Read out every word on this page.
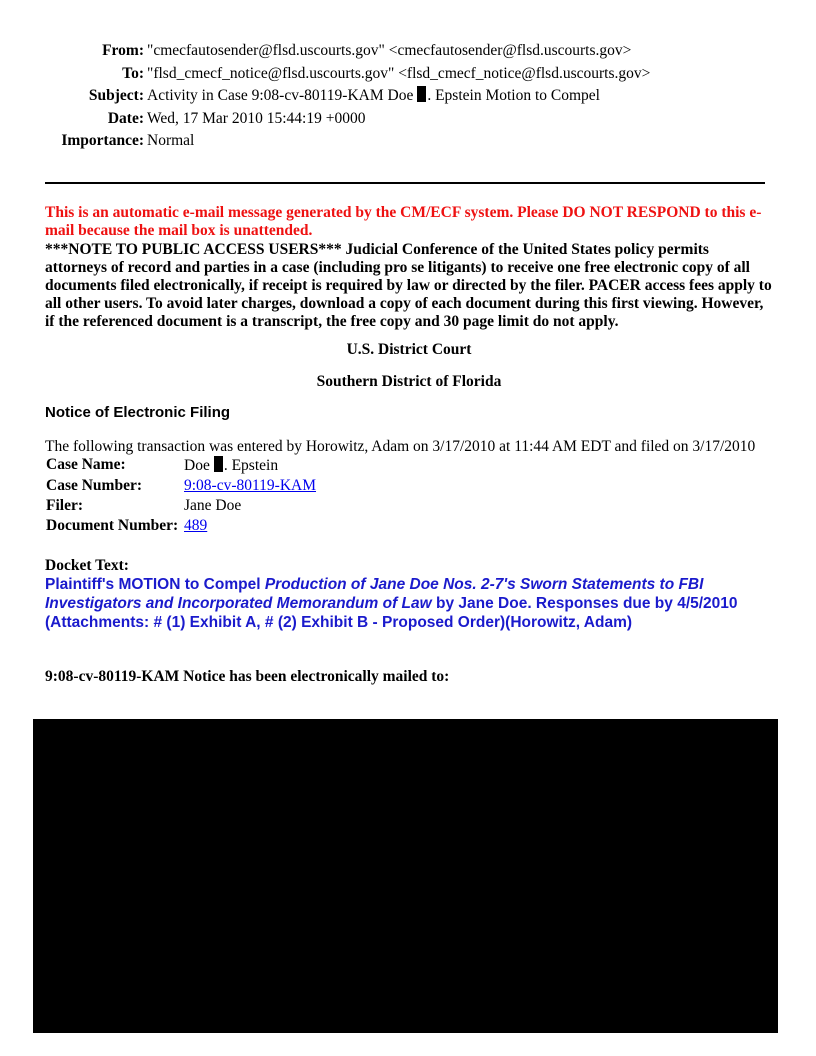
From: "cmecfautosender@flsd.uscourts.gov" <cmecfautosender@flsd.uscourts.gov>
To: "flsd_cmecf_notice@flsd.uscourts.gov" <flsd_cmecf_notice@flsd.uscourts.gov>
Subject: Activity in Case 9:08-cv-80119-KAM Doe . Epstein Motion to Compel
Date: Wed, 17 Mar 2010 15:44:19 +0000
Importance: Normal
This is an automatic e-mail message generated by the CM/ECF system. Please DO NOT RESPOND to this e-mail because the mail box is unattended.
***NOTE TO PUBLIC ACCESS USERS*** Judicial Conference of the United States policy permits attorneys of record and parties in a case (including pro se litigants) to receive one free electronic copy of all documents filed electronically, if receipt is required by law or directed by the filer. PACER access fees apply to all other users. To avoid later charges, download a copy of each document during this first viewing. However, if the referenced document is a transcript, the free copy and 30 page limit do not apply.
U.S. District Court
Southern District of Florida
Notice of Electronic Filing
The following transaction was entered by Horowitz, Adam on 3/17/2010 at 11:44 AM EDT and filed on 3/17/2010
Case Name:	Doe . Epstein
Case Number:	9:08-cv-80119-KAM
Filer:	Jane Doe
Document Number:	489
Docket Text:
Plaintiff's MOTION to Compel Production of Jane Doe Nos. 2-7's Sworn Statements to FBI Investigators and Incorporated Memorandum of Law by Jane Doe. Responses due by 4/5/2010 (Attachments: # (1) Exhibit A, # (2) Exhibit B - Proposed Order)(Horowitz, Adam)
9:08-cv-80119-KAM Notice has been electronically mailed to:
